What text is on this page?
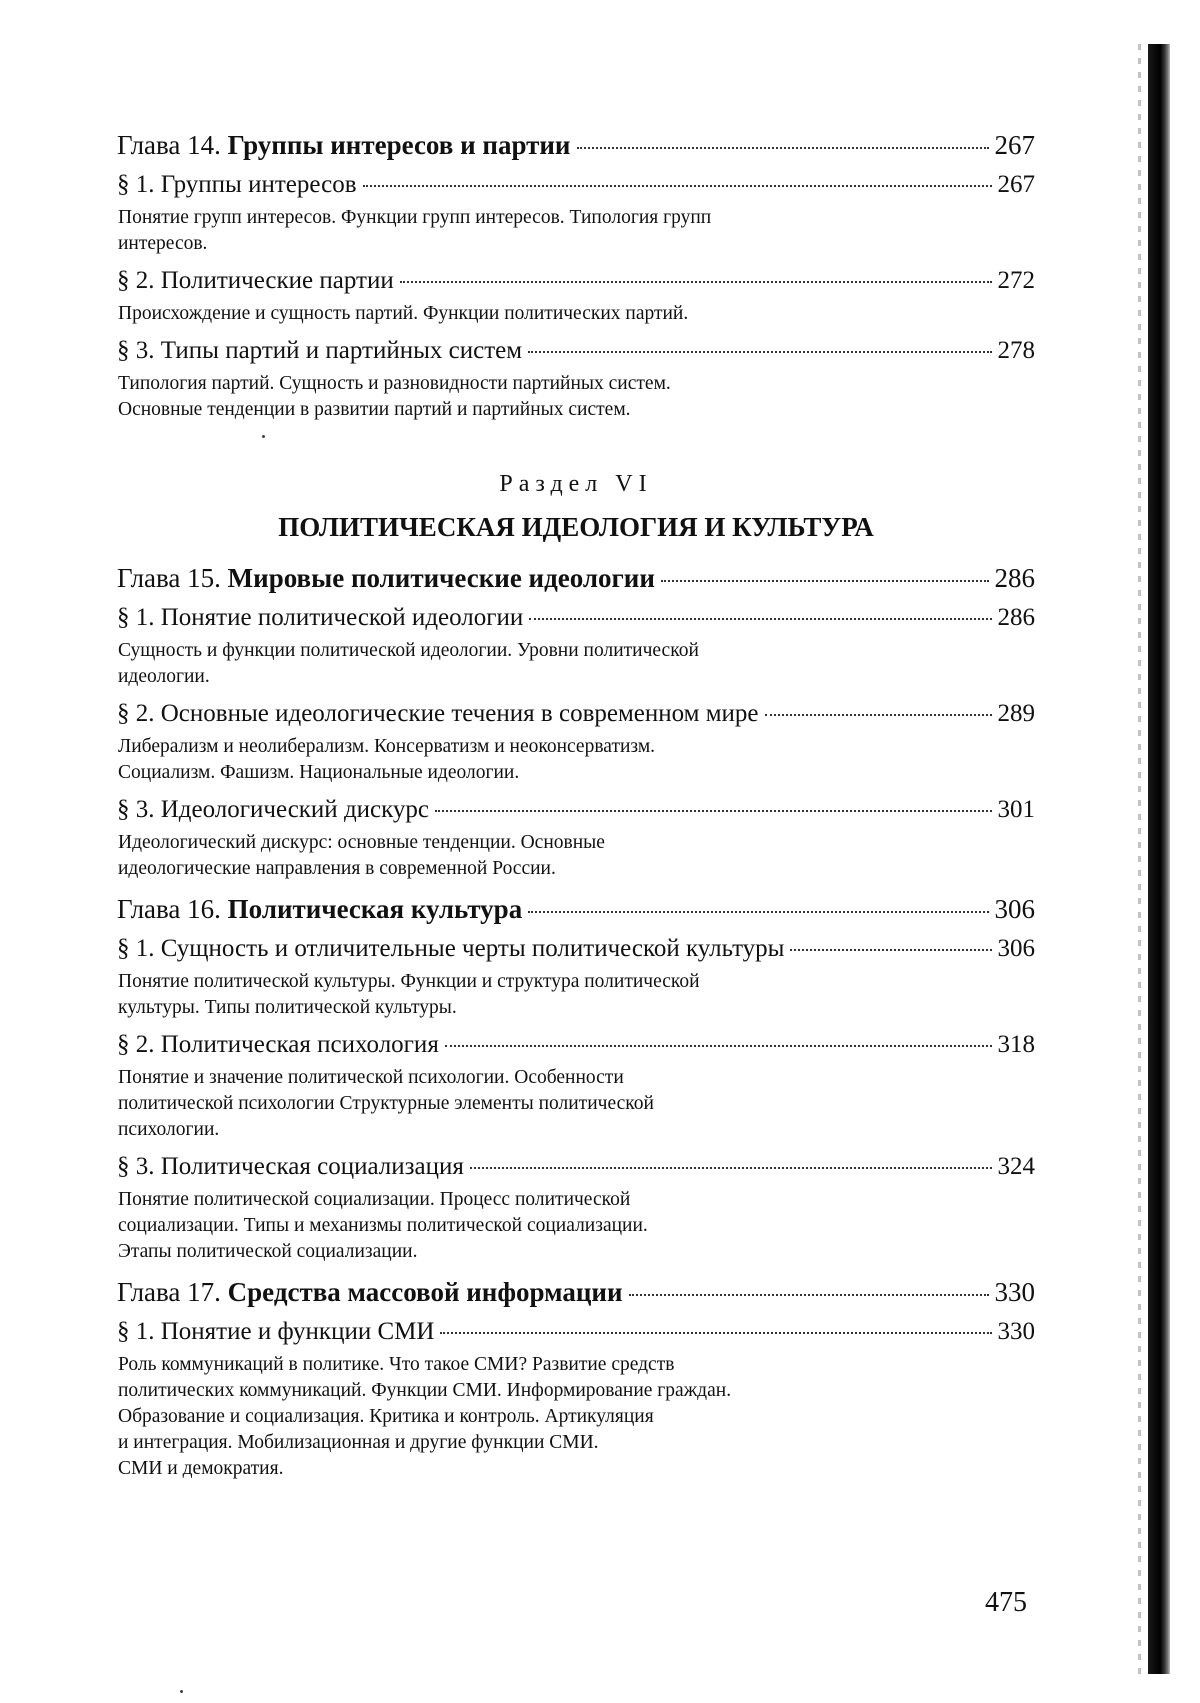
Глава 14. Группы интересов и партии	267
§ 1. Группы интересов	267
Понятие групп интересов. Функции групп интересов. Типология групп
интересов.
§ 2. Политические партии	272
Происхождение и сущность партий. Функции политических партий.
§ 3. Типы партий и партийных систем	278
Типология партий. Сущность и разновидности партийных систем.
Основные тенденции в развитии партий и партийных систем.
Раздел VI
ПОЛИТИЧЕСКАЯ ИДЕОЛОГИЯ И КУЛЬТУРА
Глава 15. Мировые политические идеологии	286
§ 1. Понятие политической идеологии	286
Сущность и функции политической идеологии. Уровни политической
идеологии.
§ 2. Основные идеологические течения в современном мире	289
Либерализм и неолиберализм. Консерватизм и неоконсерватизм.
Социализм. Фашизм. Национальные идеологии.
§ 3. Идеологический дискурс	301
Идеологический дискурс: основные тенденции. Основные
идеологические направления в современной России.
Глава 16. Политическая культура	306
§ 1. Сущность и отличительные черты политической культуры	306
Понятие политической культуры. Функции и структура политической
культуры. Типы политической культуры.
§ 2. Политическая психология	318
Понятие и значение политической психологии. Особенности
политической психологии Структурные элементы политической
психологии.
§ 3. Политическая социализация	324
Понятие политической социализации. Процесс политической
социализации. Типы и механизмы политической социализации.
Этапы политической социализации.
Глава 17. Средства массовой информации	330
§ 1. Понятие и функции СМИ	330
Роль коммуникаций в политике. Что такое СМИ? Развитие средств
политических коммуникаций. Функции СМИ. Информирование граждан.
Образование и социализация. Критика и контроль. Артикуляция
и интеграция. Мобилизационная и другие функции СМИ.
СМИ и демократия.
475
